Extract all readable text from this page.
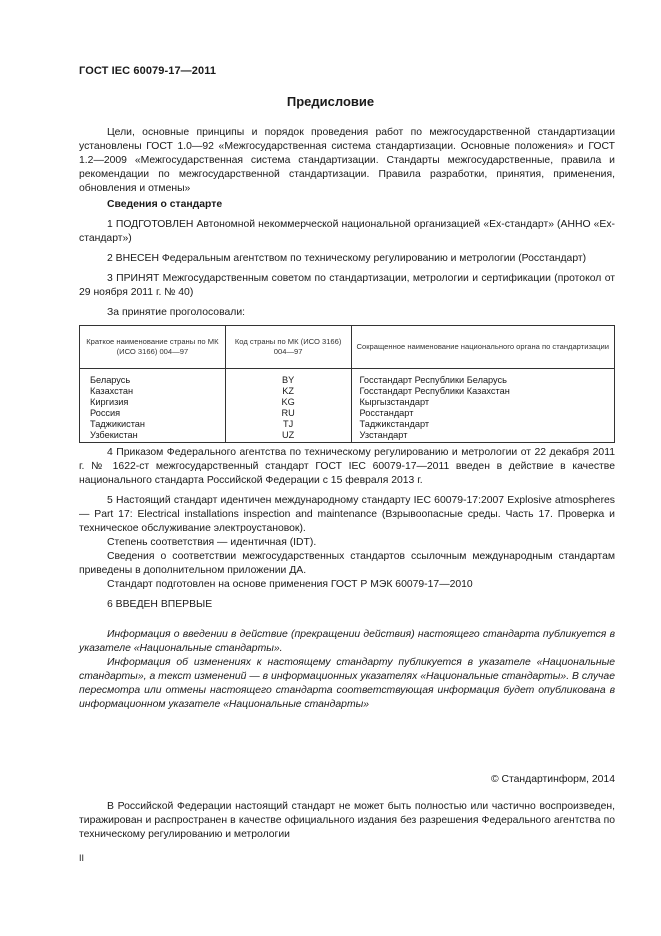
ГОСТ IEC 60079-17—2011
Предисловие

Цели, основные принципы и порядок проведения работ по межгосударственной стандартизации установлены ГОСТ 1.0—92 «Межгосударственная система стандартизации. Основные положения» и ГОСТ 1.2—2009 «Межгосударственная система стандартизации. Стандарты межгосударственные, правила и рекомендации по межгосударственной стандартизации. Правила разработки, принятия, применения, обновления и отмены»

Сведения о стандарте

1 ПОДГОТОВЛЕН Автономной некоммерческой национальной организацией «Ех-стандарт» (АННО «Ех-стандарт»)

2 ВНЕСЕН Федеральным агентством по техническому регулированию и метрологии (Росстандарт)

3 ПРИНЯТ Межгосударственным советом по стандартизации, метрологии и сертификации (протокол от 29 ноября 2011 г. № 40)

За принятие проголосовали:

Краткое наименование страны по МК (ИСО 3166) 004—97	Код страны по МК (ИСО 3166) 004—97	Сокращенное наименование национального органа по стандартизации
Беларусь	BY	Госстандарт Республики Беларусь
Казахстан	KZ	Госстандарт Республики Казахстан
Киргизия	KG	Кыргызстандарт
Россия	RU	Росстандарт
Таджикистан	TJ	Таджикстандарт
Узбекистан	UZ	Узстандарт

4 Приказом Федерального агентства по техническому регулированию и метрологии от 22 декабря 2011 г. № 1622-ст межгосударственный стандарт ГОСТ IEC 60079-17—2011 введен в действие в качестве национального стандарта Российской Федерации с 15 февраля 2013 г.

5 Настоящий стандарт идентичен международному стандарту IEC 60079-17:2007 Explosive atmospheres — Part 17: Electrical installations inspection and maintenance (Взрывоопасные среды. Часть 17. Проверка и техническое обслуживание электроустановок).

Степень соответствия — идентичная (IDT).

Сведения о соответствии межгосударственных стандартов ссылочным международным стандартам приведены в дополнительном приложении ДА.

Стандарт подготовлен на основе применения ГОСТ Р МЭК 60079-17—2010

6 ВВЕДЕН ВПЕРВЫЕ

Информация о введении в действие (прекращении действия) настоящего стандарта публикуется в указателе «Национальные стандарты».

Информация об изменениях к настоящему стандарту публикуется в указателе «Национальные стандарты», а текст изменений — в информационных указателях «Национальные стандарты». В случае пересмотра или отмены настоящего стандарта соответствующая информация будет опубликована в информационном указателе «Национальные стандарты»

© Стандартинформ, 2014

В Российской Федерации настоящий стандарт не может быть полностью или частично воспроизведен, тиражирован и распространен в качестве официального издания без разрешения Федерального агентства по техническому регулированию и метрологии

II
